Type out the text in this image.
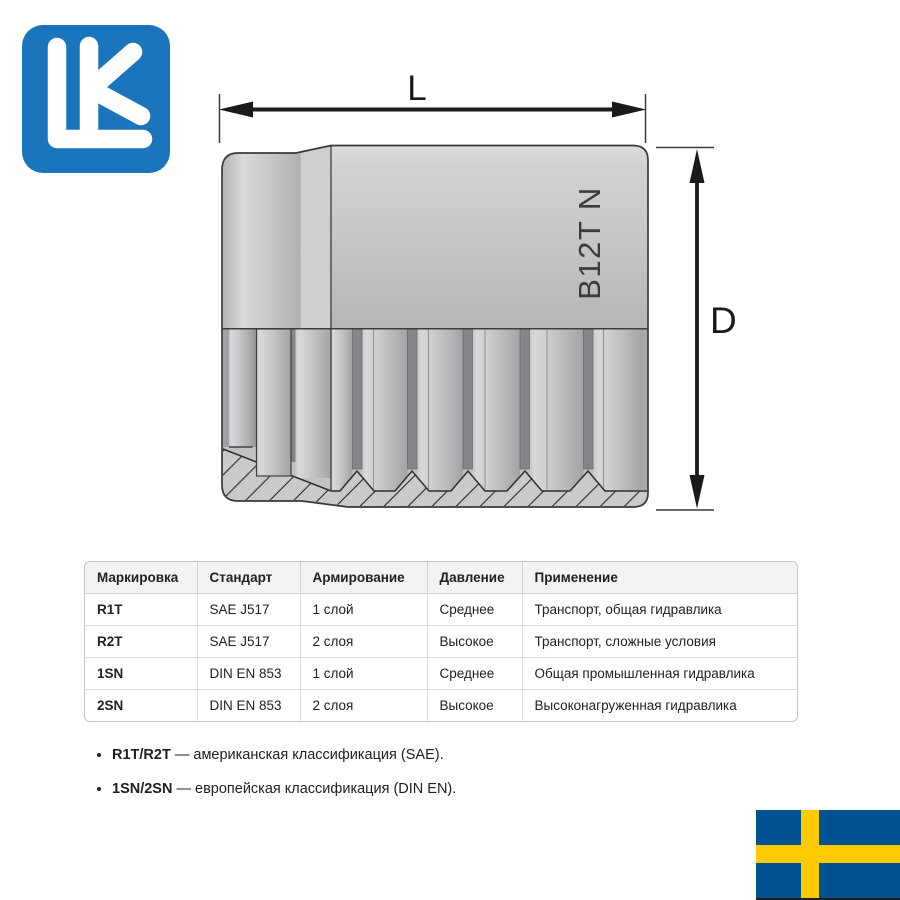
L
B12T N
D
Маркировка	Стандарт	Армирование	Давление	Применение
R1T	SAE J517	1 слой	Среднее	Транспорт, общая гидравлика
R2T	SAE J517	2 слоя	Высокое	Транспорт, сложные условия
1SN	DIN EN 853	1 слой	Среднее	Общая промышленная гидравлика
2SN	DIN EN 853	2 слоя	Высокое	Высоконагруженная гидравлика
• R1T/R2T — американская классификация (SAE).
• 1SN/2SN — европейская классификация (DIN EN).
